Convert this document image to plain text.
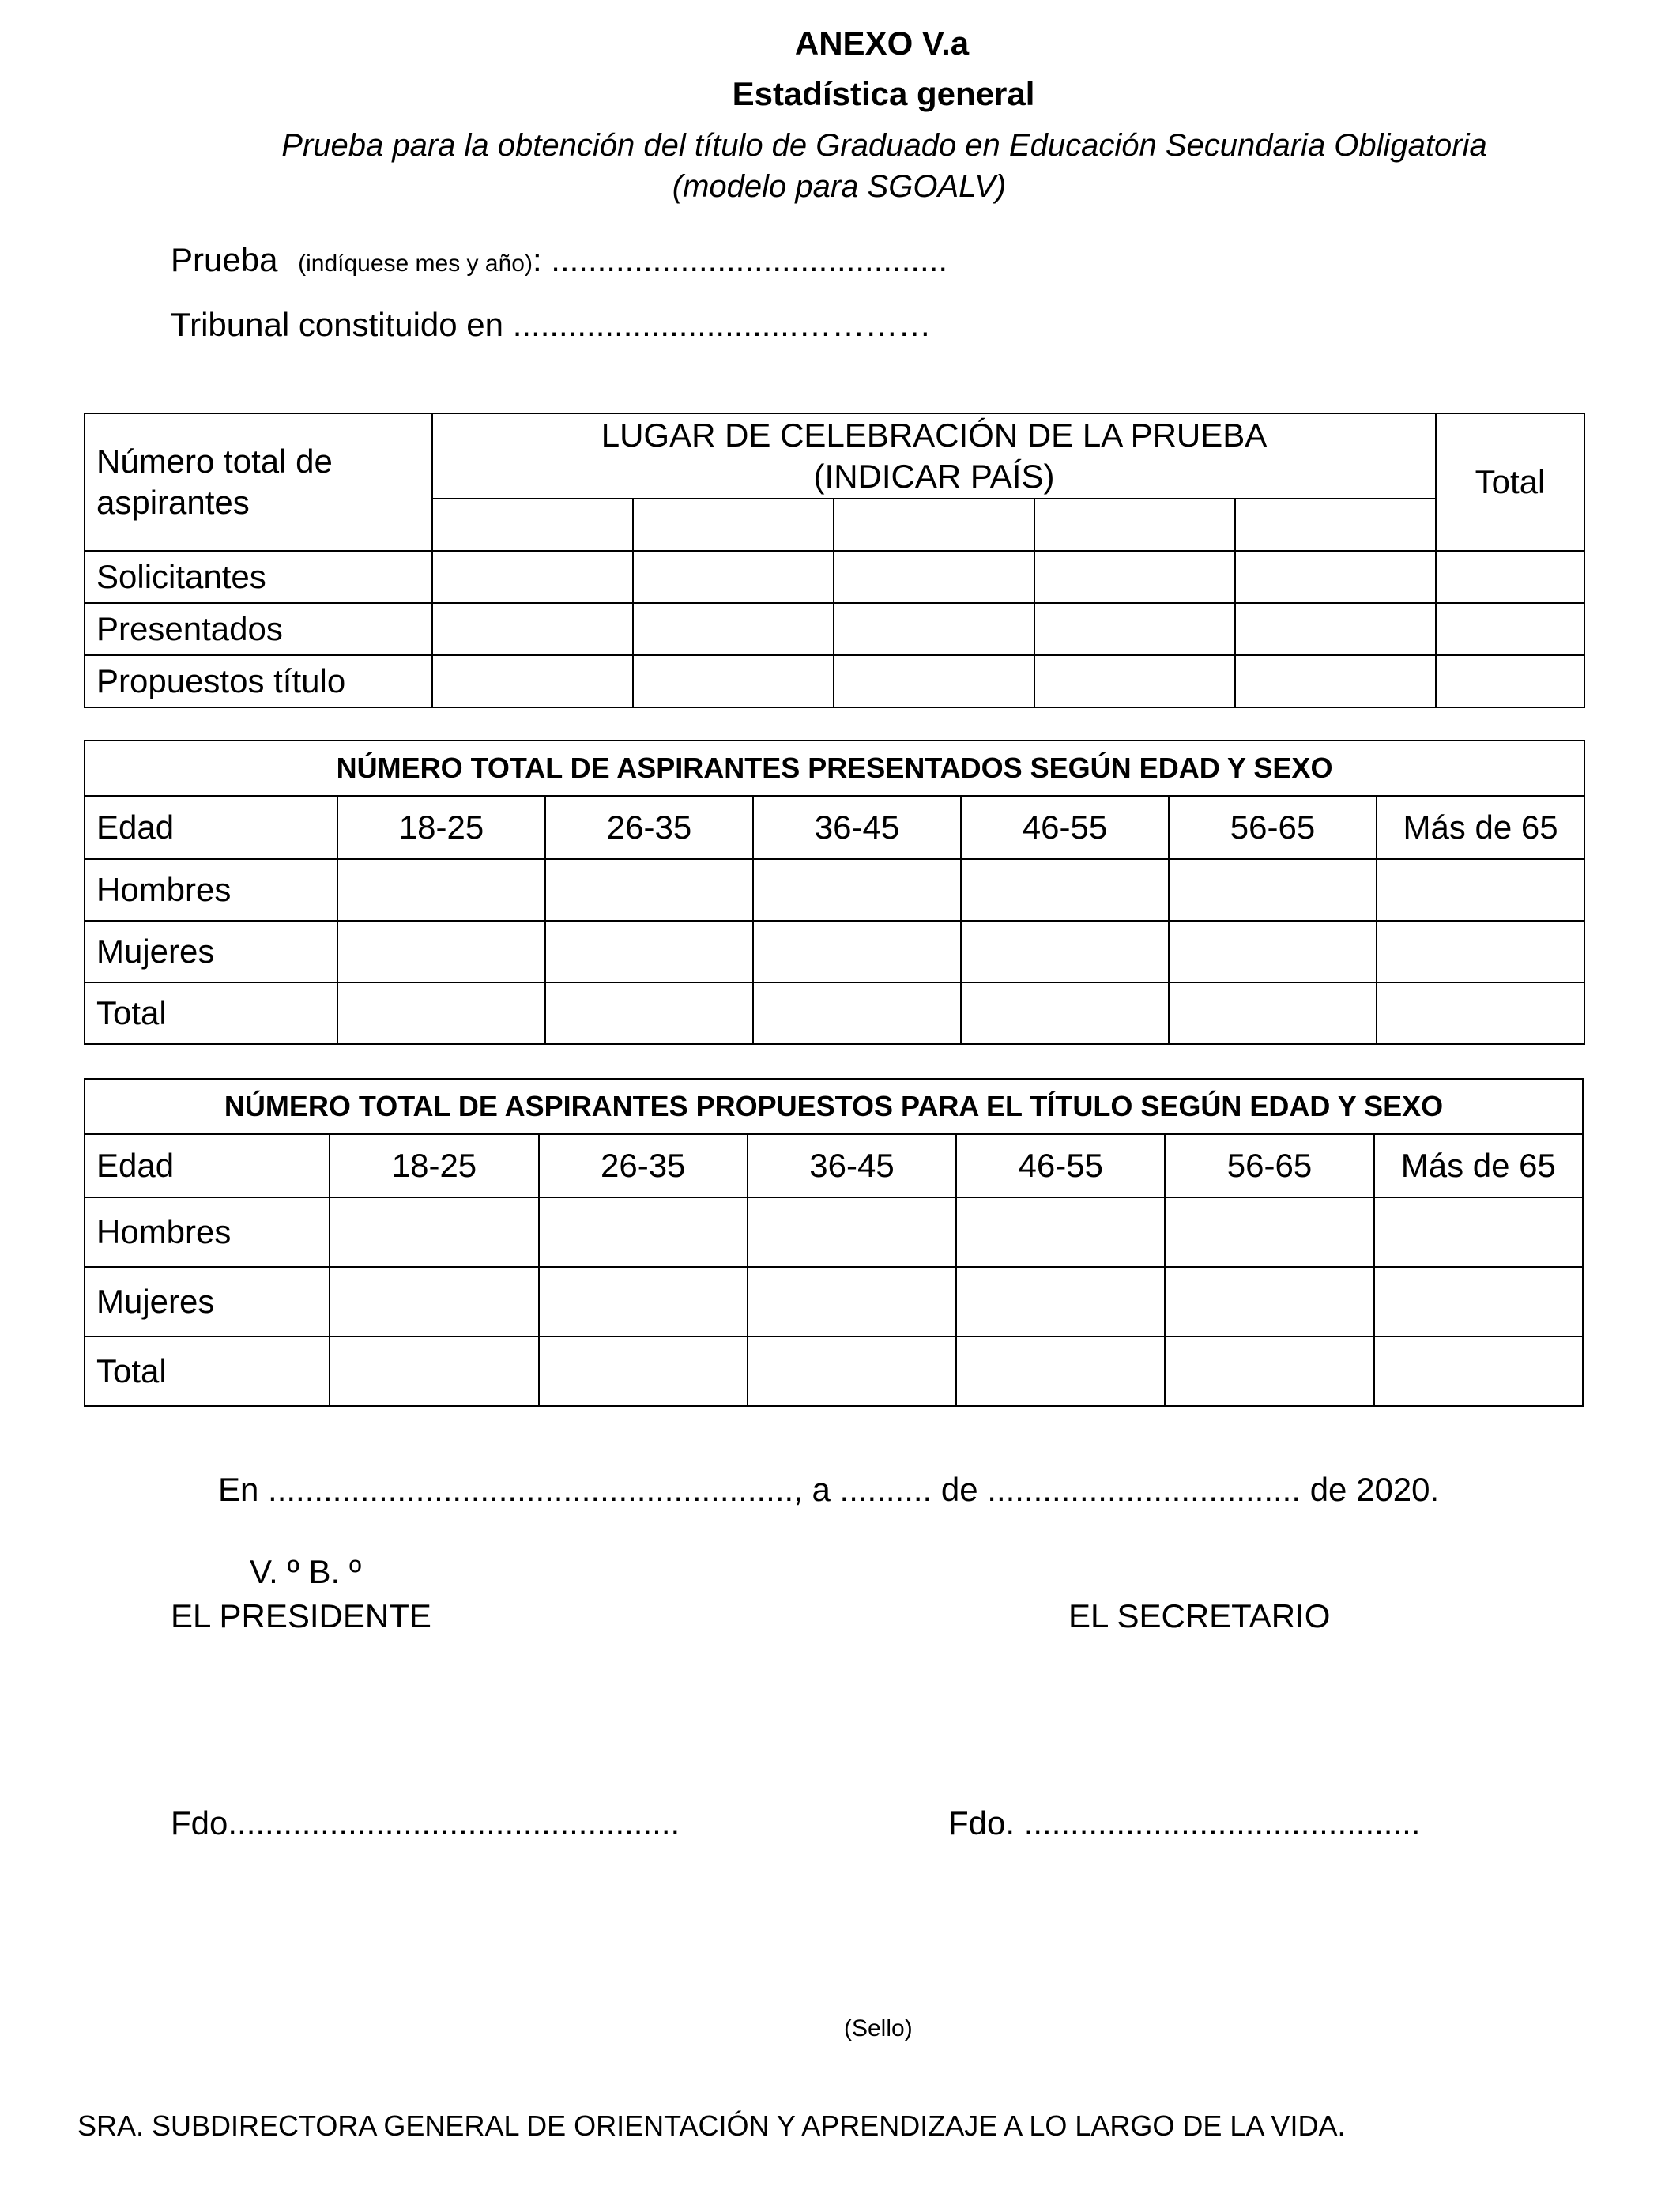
ANEXO V.a
Estadística general
Prueba para la obtención del título de Graduado en Educación Secundaria Obligatoria
(modelo para SGOALV)
Prueba (indíquese mes y año): ...........................................
Tribunal constituido en ...............................…………
Número total de aspirantes	LUGAR DE CELEBRACIÓN DE LA PRUEBA (INDICAR PAÍS)					Total

Solicitantes						
Presentados						
Propuestos título						
NÚMERO TOTAL DE ASPIRANTES PRESENTADOS SEGÚN EDAD Y SEXO						
Edad	18-25	26-35	36-45	46-55	56-65	Más de 65
Hombres						
Mujeres						
Total						
NÚMERO TOTAL DE ASPIRANTES PROPUESTOS PARA EL TÍTULO SEGÚN EDAD Y SEXO						
Edad	18-25	26-35	36-45	46-55	56-65	Más de 65
Hombres						
Mujeres						
Total						
En ........................................................., a .......... de .................................. de 2020.
V. º B. º
EL PRESIDENTE	EL SECRETARIO
Fdo.................................................	Fdo. ...........................................
(Sello)
SRA. SUBDIRECTORA GENERAL DE ORIENTACIÓN Y APRENDIZAJE A LO LARGO DE LA VIDA.
